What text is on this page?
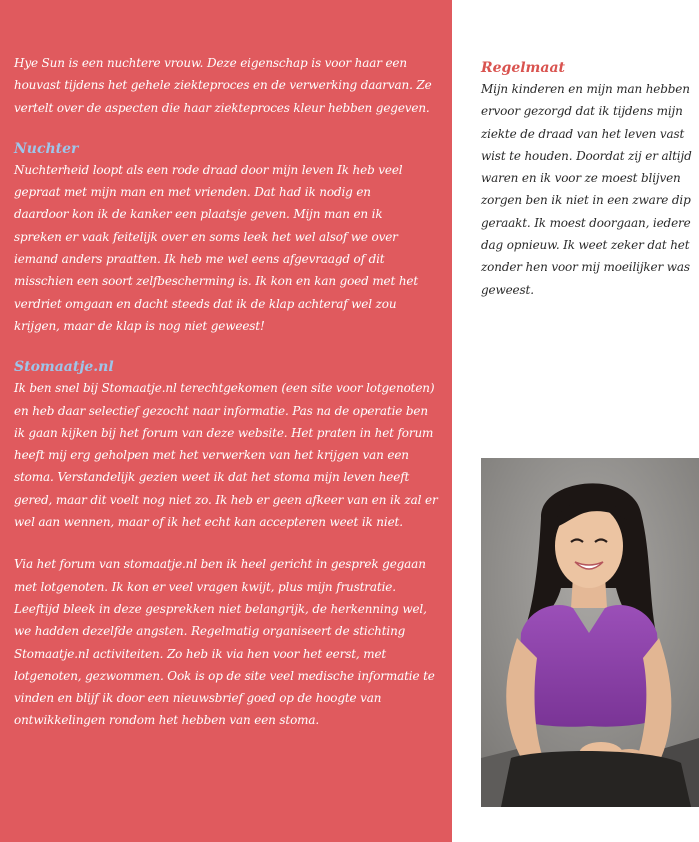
Hye Sun is een nuchtere vrouw. Deze eigenschap is voor haar een
houvast tijdens het gehele ziekteproces en de verwerking daarvan. Ze
vertelt over de aspecten die haar ziekteproces kleur hebben gegeven.

Nuchter

Nuchterheid loopt als een rode draad door mijn leven Ik heb veel
gepraat met mijn man en met vrienden. Dat had ik nodig en
daardoor kon ik de kanker een plaatsje geven. Mijn man en ik
spreken er vaak feitelijk over en soms leek het wel alsof we over
iemand anders praatten. Ik heb me wel eens afgevraagd of dit
misschien een soort zelfbescherming is. Ik kon en kan goed met het
verdriet omgaan en dacht steeds dat ik de klap achteraf wel zou
krijgen, maar de klap is nog niet geweest!

Stomaatje.nl

Ik ben snel bij Stomaatje.nl terechtgekomen (een site voor lotgenoten)
en heb daar selectief gezocht naar informatie. Pas na de operatie ben
ik gaan kijken bij het forum van deze website. Het praten in het forum
heeft mij erg geholpen met het verwerken van het krijgen van een
stoma. Verstandelijk gezien weet ik dat het stoma mijn leven heeft
gered, maar dit voelt nog niet zo. Ik heb er geen afkeer van en ik zal er
wel aan wennen, maar of ik het echt kan accepteren weet ik niet.

Via het forum van stomaatje.nl ben ik heel gericht in gesprek gegaan
met lotgenoten. Ik kon er veel vragen kwijt, plus mijn frustratie.
Leeftijd bleek in deze gesprekken niet belangrijk, de herkenning wel,
we hadden dezelfde angsten. Regelmatig organiseert de stichting
Stomaatje.nl activiteiten. Zo heb ik via hen voor het eerst, met
lotgenoten, gezwommen. Ook is op de site veel medische informatie te
vinden en blijf ik door een nieuwsbrief goed op de hoogte van
ontwikkelingen rondom het hebben van een stoma.

Regelmaat

Mijn kinderen en mijn man hebben
ervoor gezorgd dat ik tijdens mijn
ziekte de draad van het leven vast
wist te houden. Doordat zij er altijd
waren en ik voor ze moest blijven
zorgen ben ik niet in een zware dip
geraakt. Ik moest doorgaan, iedere
dag opnieuw. Ik weet zeker dat het
zonder hen voor mij moeilijker was
geweest.
